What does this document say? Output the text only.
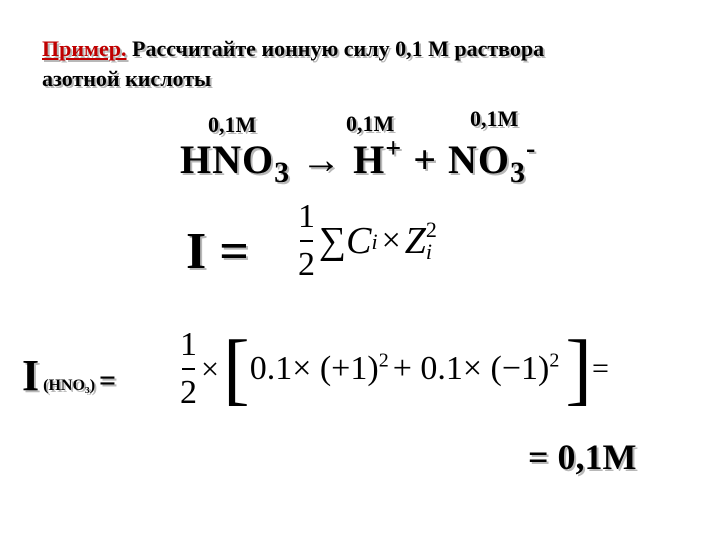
Пример. Рассчитайте ионную силу 0,1 М раствора
азотной кислоты
0,1М	0,1М	0,1М
$HNO_3 \to H^+ + NO_3^-$
$I = \frac{1}{2} \sum C_i \times Z$ 2
i
I $(HNO_3) = \frac{1}{2} \times [0.1\times (+1)^2 + 0.1\times (-1)^2]=$
= 0,1М
